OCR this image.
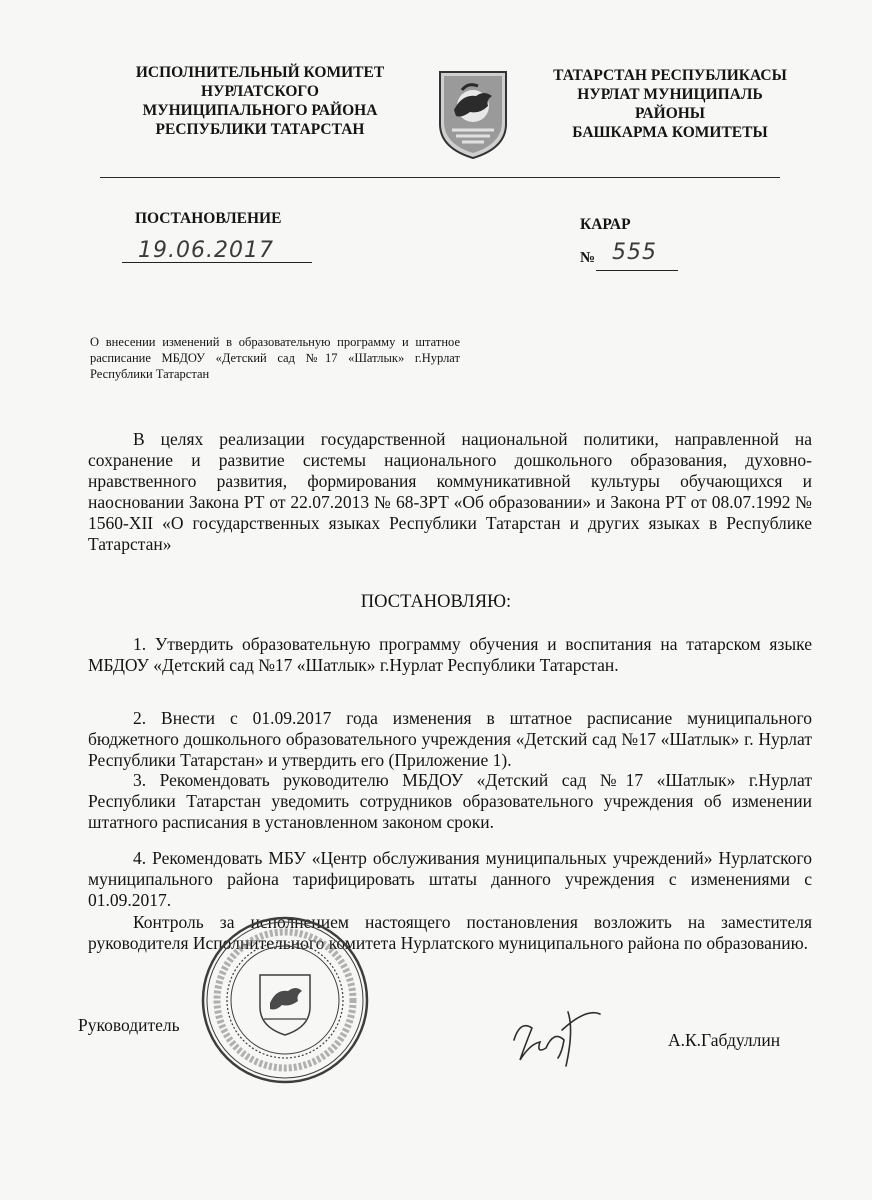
ИСПОЛНИТЕЛЬНЫЙ КОМИТЕТ
НУРЛАТСКОГО
МУНИЦИПАЛЬНОГО РАЙОНА
РЕСПУБЛИКИ ТАТАРСТАН
ТАТАРСТАН РЕСПУБЛИКАСЫ
НУРЛАТ МУНИЦИПАЛЬ
РАЙОНЫ
БАШКАРМА КОМИТЕТЫ
ПОСТАНОВЛЕНИЕ	КАРАР
19.06.2017	№ 555
О внесении изменений в образовательную программу и штатное расписание МБДОУ «Детский сад №17 «Шатлык» г.Нурлат Республики Татарстан
В целях реализации государственной национальной политики, направленной на сохранение и развитие системы национального дошкольного образования, духовно-нравственного развития, формирования коммуникативной культуры обучающихся и наосновании Закона РТ от 22.07.2013 № 68-ЗРТ «Об образовании» и Закона РТ от 08.07.1992 № 1560-XII «О государственных языках Республики Татарстан и других языках в Республике Татарстан»
ПОСТАНОВЛЯЮ:
1. Утвердить образовательную программу обучения и воспитания на татарском языке МБДОУ «Детский сад №17 «Шатлык» г.Нурлат Республики Татарстан.
2. Внести с 01.09.2017 года изменения в штатное расписание муниципального бюджетного дошкольного образовательного учреждения «Детский сад №17 «Шатлык» г. Нурлат Республики Татарстан» и утвердить его (Приложение 1).
3. Рекомендовать руководителю МБДОУ «Детский сад №17 «Шатлык» г.Нурлат Республики Татарстан уведомить сотрудников образовательного учреждения об изменении штатного расписания в установленном законом сроки.
4. Рекомендовать МБУ «Центр обслуживания муниципальных учреждений» Нурлатского муниципального района тарифицировать штаты данного учреждения с изменениями с 01.09.2017.
Контроль за исполнением настоящего постановления возложить на заместителя руководителя Исполнительного комитета Нурлатского муниципального района по образованию.
Руководитель
А.К.Габдуллин
